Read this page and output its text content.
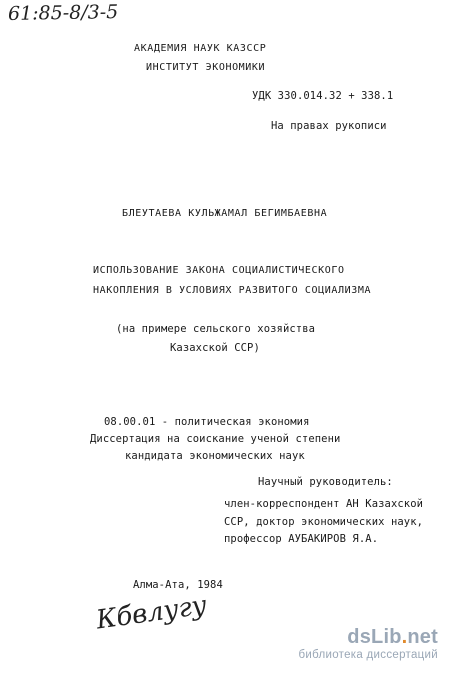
61:85-8/3-5
АКАДЕМИЯ НАУК КАЗССР
ИНСТИТУТ ЭКОНОМИКИ
УДК 330.014.32 + 338.1
На правах рукописи
БЛЕУТАЕВА КУЛЬЖАМАЛ БЕГИМБАЕВНА
ИСПОЛЬЗОВАНИЕ ЗАКОНА СОЦИАЛИСТИЧЕСКОГО
НАКОПЛЕНИЯ В УСЛОВИЯХ РАЗВИТОГО СОЦИАЛИЗМА
(на примере сельского хозяйства
Казахской ССР)
08.00.01 - политическая экономия
Диссертация на соискание ученой степени
кандидата экономических наук
Научный руководитель:
член-корреспондент АН Казахской
ССР, доктор экономических наук,
профессор АУБАКИРОВ Я.А.
Алма-Ата, 1984
Кбвлугу
dsLib.net
библиотека диссертаций
